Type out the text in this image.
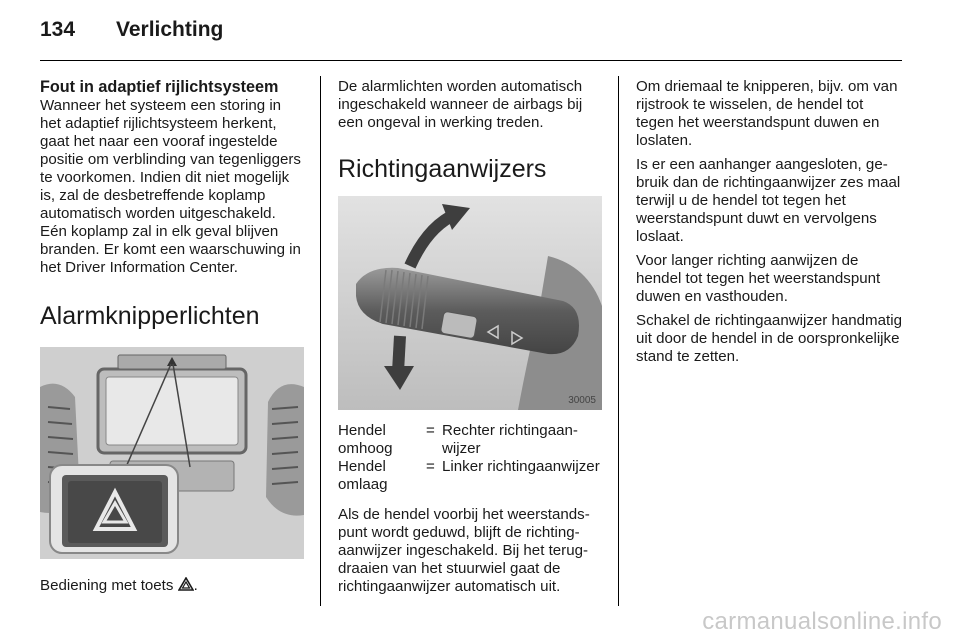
134	Verlichting
Fout in adaptief rijlichtsysteem

Wanneer het systeem een storing in het adaptief rijlichtsysteem herkent, gaat het naar een vooraf ingestelde positie om verblinding van tegenliggers te voorkomen. Indien dit niet mogelijk is, zal de desbetreffende koplamp automatisch worden uitgeschakeld. Eén koplamp zal in elk geval blijven branden. Er komt een waarschuwing in het Driver Information Center.

Alarmknipperlichten

Bediening met toets .

De alarmlichten worden automatisch ingeschakeld wanneer de airbags bij een ongeval in werking treden.

Richtingaanwijzers
30005
Hendel omhoog
= Rechter richtingaanwijzer
Hendel omlaag
= Linker richtingaanwijzer

Als de hendel voorbij het weerstandspunt wordt geduwd, blijft de richtingaanwijzer ingeschakeld. Bij het terugdraaien van het stuurwiel gaat de richtingaanwijzer automatisch uit.

Om driemaal te knipperen, bijv. om van rijstrook te wisselen, de hendel tot tegen het weerstandspunt duwen en loslaten.

Is er een aanhanger aangesloten, gebruik dan de richtingaanwijzer zes maal terwijl u de hendel tot tegen het weerstandspunt duwt en vervolgens loslaat.

Voor langer richting aanwijzen de hendel tot tegen het weerstandspunt duwen en vasthouden.

Schakel de richtingaanwijzer handmatig uit door de hendel in de oorspronkelijke stand te zetten.

carmanualsonline.info
